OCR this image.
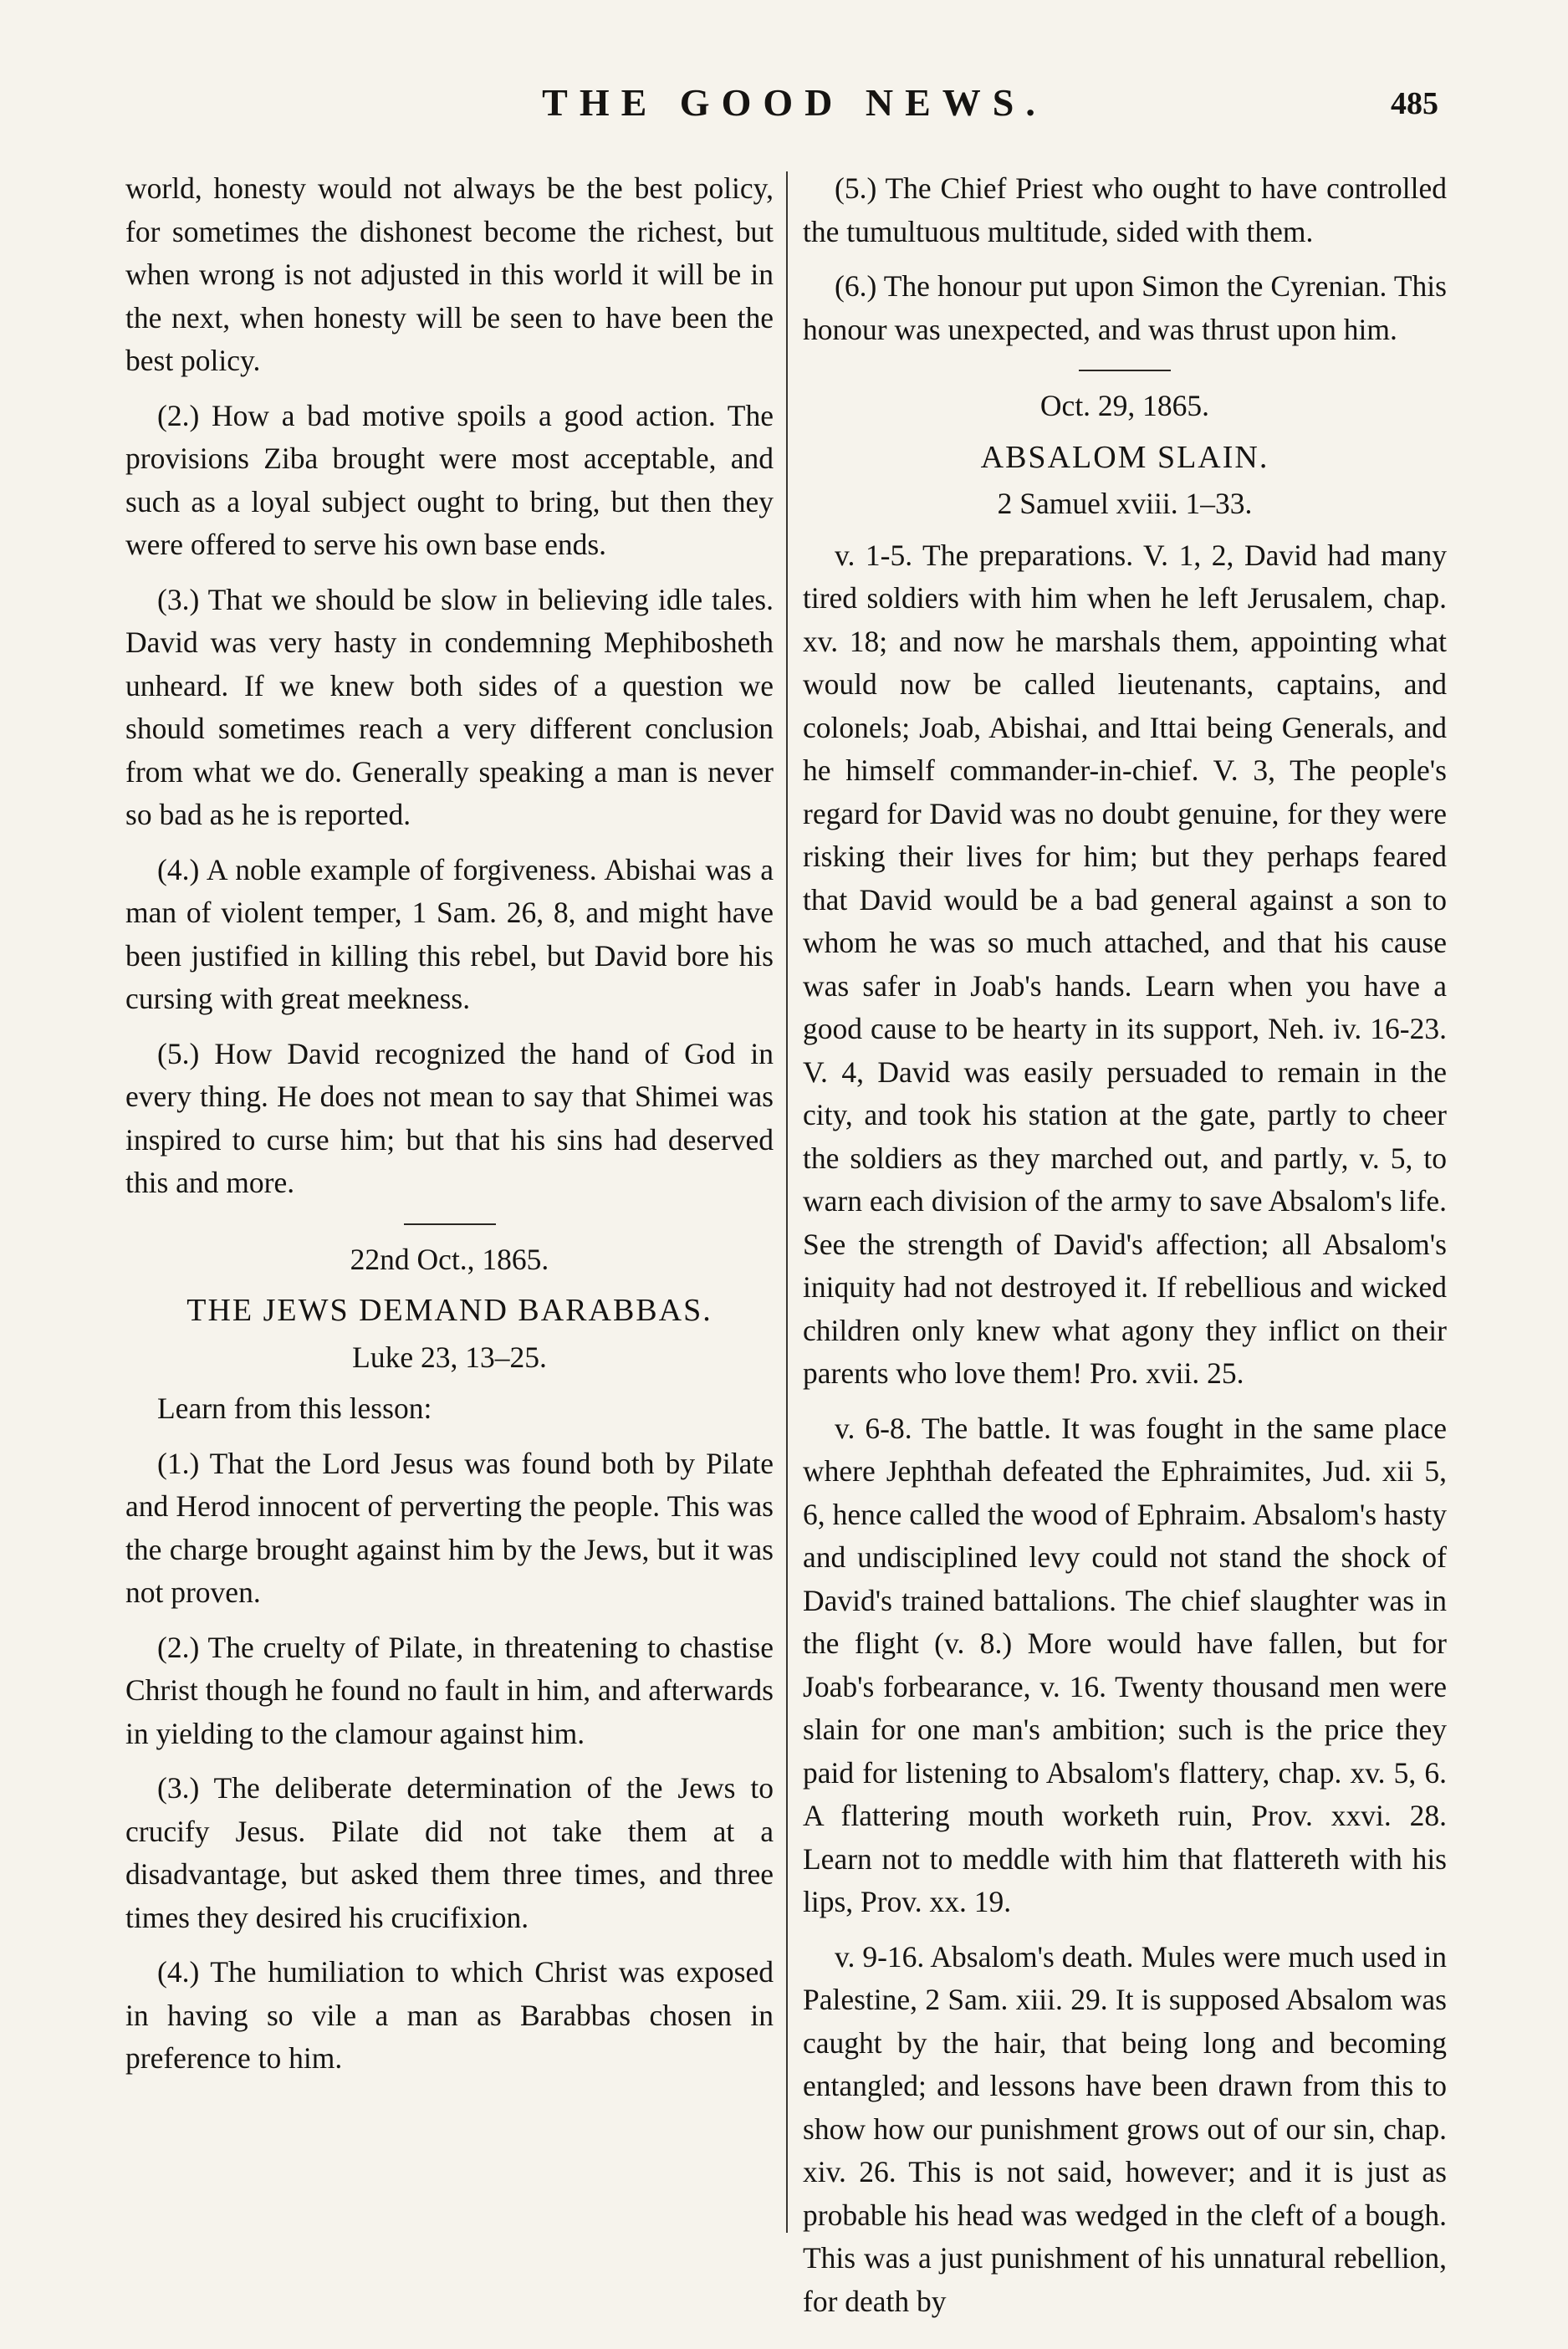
THE GOOD NEWS.	485

world, honesty would not always be the best policy, for sometimes the dishonest become the richest, but when wrong is not adjusted in this world it will be in the next, when honesty will be seen to have been the best policy.

(2.) How a bad motive spoils a good action. The provisions Ziba brought were most acceptable, and such as a loyal subject ought to bring, but then they were offered to serve his own base ends.

(3.) That we should be slow in believing idle tales. David was very hasty in condemning Mephibosheth unheard. If we knew both sides of a question we should sometimes reach a very different conclusion from what we do. Generally speaking a man is never so bad as he is reported.

(4.) A noble example of forgiveness. Abishai was a man of violent temper, 1 Sam. 26, 8, and might have been justified in killing this rebel, but David bore his cursing with great meekness.

(5.) How David recognized the hand of God in every thing. He does not mean to say that Shimei was inspired to curse him; but that his sins had deserved this and more.

22nd Oct., 1865.
THE JEWS DEMAND BARABBAS.
Luke 23, 13–25.

Learn from this lesson:

(1.) That the Lord Jesus was found both by Pilate and Herod innocent of perverting the people. This was the charge brought against him by the Jews, but it was not proven.

(2.) The cruelty of Pilate, in threatening to chastise Christ though he found no fault in him, and afterwards in yielding to the clamour against him.

(3.) The deliberate determination of the Jews to crucify Jesus. Pilate did not take them at a disadvantage, but asked them three times, and three times they desired his crucifixion.

(4.) The humiliation to which Christ was exposed in having so vile a man as Barabbas chosen in preference to him.

(5.) The Chief Priest who ought to have controlled the tumultuous multitude, sided with them.

(6.) The honour put upon Simon the Cyrenian. This honour was unexpected, and was thrust upon him.

Oct. 29, 1865.
ABSALOM SLAIN.
2 Samuel xviii. 1–33.

v. 1-5. The preparations. V. 1, 2, David had many tired soldiers with him when he left Jerusalem, chap. xv. 18; and now he marshals them, appointing what would now be called lieutenants, captains, and colonels; Joab, Abishai, and Ittai being Generals, and he himself commander-in-chief. V. 3, The people's regard for David was no doubt genuine, for they were risking their lives for him; but they perhaps feared that David would be a bad general against a son to whom he was so much attached, and that his cause was safer in Joab's hands. Learn when you have a good cause to be hearty in its support, Neh. iv. 16-23. V. 4, David was easily persuaded to remain in the city, and took his station at the gate, partly to cheer the soldiers as they marched out, and partly, v. 5, to warn each division of the army to save Absalom's life. See the strength of David's affection; all Absalom's iniquity had not destroyed it. If rebellious and wicked children only knew what agony they inflict on their parents who love them! Pro. xvii. 25.

v. 6-8. The battle. It was fought in the same place where Jephthah defeated the Ephraimites, Jud. xii 5, 6, hence called the wood of Ephraim. Absalom's hasty and undisciplined levy could not stand the shock of David's trained battalions. The chief slaughter was in the flight (v. 8.) More would have fallen, but for Joab's forbearance, v. 16. Twenty thousand men were slain for one man's ambition; such is the price they paid for listening to Absalom's flattery, chap. xv. 5, 6. A flattering mouth worketh ruin, Prov. xxvi. 28. Learn not to meddle with him that flattereth with his lips, Prov. xx. 19.

v. 9-16. Absalom's death. Mules were much used in Palestine, 2 Sam. xiii. 29. It is supposed Absalom was caught by the hair, that being long and becoming entangled; and lessons have been drawn from this to show how our punishment grows out of our sin, chap. xiv. 26. This is not said, however; and it is just as probable his head was wedged in the cleft of a bough. This was a just punishment of his unnatural rebellion, for death by
